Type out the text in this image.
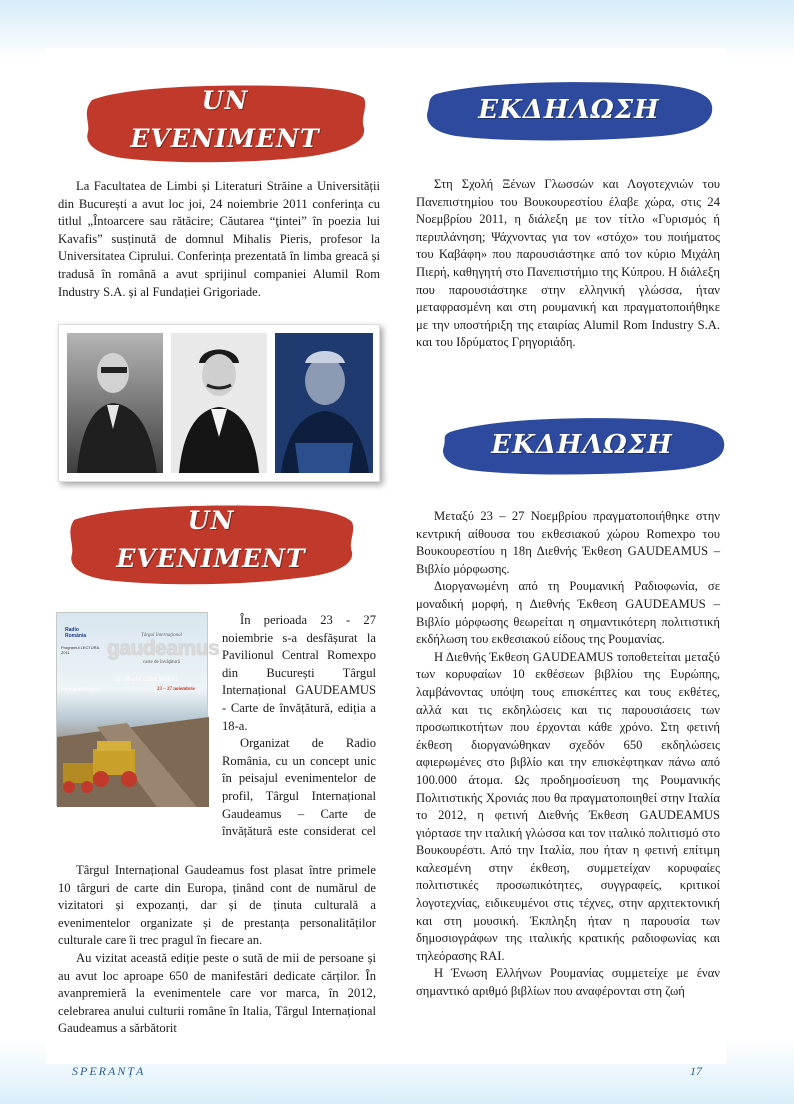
UN
EVENIMENT
ΕΚΔΗΛΩΣΗ

La Facultatea de Limbi și Literaturi Străine a Universității din București a avut loc joi, 24 noiembrie 2011 conferința cu titlul „Întoarcere sau rătăcire; Căutarea “ţintei” în poezia lui Kavafis” susținută de domnul Mihalis Pieris, profesor la Universitatea Ciprului. Conferința prezentată în limba greacă și tradusă în română a avut sprijinul companiei Alumil Rom Industry S.A. și al Fundației Grigoriade.

Στη Σχολή Ξένων Γλωσσών και Λογοτεχνιών του Πανεπιστημίου του Βουκουρεστίου έλαβε χώρα, στις 24 Νοεμβρίου 2011, η διάλεξη με τον τίτλο «Γυρισμός ή περιπλάνηση; Ψάχνοντας για τον «στόχο» του ποιήματος του Καβάφη» που παρουσιάστηκε από τον κύριο Μιχάλη Πιερή, καθηγητή στο Πανεπιστήμιο της Κύπρου. Η διάλεξη που παρουσιάστηκε στην ελληνική γλώσσα, ήταν μεταφρασμένη και στη ρουμανική και πραγματοποιήθηκε με την υποστήριξη της εταιρίας Alumil Rom Industry S.A. και του Ιδρύματος Γρηγοριάδη.

ΕΚΔΗΛΩΣΗ
UN
EVENIMENT
Radio România
Programul LECTURA 2011
Târgul Internaţional
gaudeamus
carte de învăţătură
de 18 ani citim serios!
www.gaudeamus.ro	23 – 27 noiembrie

În perioada 23 - 27 noiembrie s-a desfășurat la Pavilionul Central Romexpo din București Târgul Internațional GAUDEAMUS - Carte de învățătură, ediția a 18-a.

Organizat de Radio România, cu un concept unic în peisajul evenimentelor de profil, Târgul Internațional Gaudeamus – Carte de învățătură este considerat cel

Târgul Internațional Gaudeamus fost plasat între primele 10 târguri de carte din Europa, ținând cont de numărul de vizitatori și expozanți, dar și de ținuta culturală a evenimentelor organizate și de prestanța personalităților culturale care îi trec pragul în fiecare an.

Au vizitat această ediție peste o sută de mii de persoane și au avut loc aproape 650 de manifestări dedicate cărților. În avanpremieră la evenimentele care vor marca, în 2012, celebrarea anului culturii române în Italia, Târgul Internațional Gaudeamus a sărbătorit

Μεταξύ 23 – 27 Νοεμβρίου πραγματοποιήθηκε στην κεντρική αίθουσα του εκθεσιακού χώρου Romexpo του Βουκουρεστίου η 18η Διεθνής Έκθεση GAUDEAMUS – Βιβλίο μόρφωσης.

Διοργανωμένη από τη Ρουμανική Ραδιοφωνία, σε μοναδική μορφή, η Διεθνής Έκθεση GAUDEAMUS – Βιβλίο μόρφωσης θεωρείται η σημαντικότερη πολιτιστική εκδήλωση του εκθεσιακού είδους της Ρουμανίας.

Η Διεθνής Έκθεση GAUDEAMUS τοποθετείται μεταξύ των κορυφαίων 10 εκθέσεων βιβλίου της Ευρώπης, λαμβάνοντας υπόψη τους επισκέπτες και τους εκθέτες, αλλά και τις εκδηλώσεις και τις παρουσιάσεις των προσωπικοτήτων που έρχονται κάθε χρόνο. Στη φετινή έκθεση διοργανώθηκαν σχεδόν 650 εκδηλώσεις αφιερωμένες στο βιβλίο και την επισκέφτηκαν πάνω από 100.000 άτομα. Ως προδημοσίευση της Ρουμανικής Πολιτιστικής Χρονιάς που θα πραγματοποιηθεί στην Ιταλία το 2012, η φετινή Διεθνής Έκθεση GAUDEAMUS γιόρτασε την ιταλική γλώσσα και τον ιταλικό πολιτισμό στο Βουκουρέστι. Από την Ιταλία, που ήταν η φετινή επίτιμη καλεσμένη στην έκθεση, συμμετείχαν κορυφαίες πολιτιστικές προσωπικότητες, συγγραφείς, κριτικοί λογοτεχνίας, ειδικευμένοι στις τέχνες, στην αρχιτεκτονική και στη μουσική. Έκπληξη ήταν η παρουσία των δημοσιογράφων της ιταλικής κρατικής ραδιοφωνίας και τηλεόρασης RAI.

Η Ένωση Ελλήνων Ρουμανίας συμμετείχε με έναν σημαντικό αριθμό βιβλίων που αναφέρονται στη ζωή

SPERANȚA	17
